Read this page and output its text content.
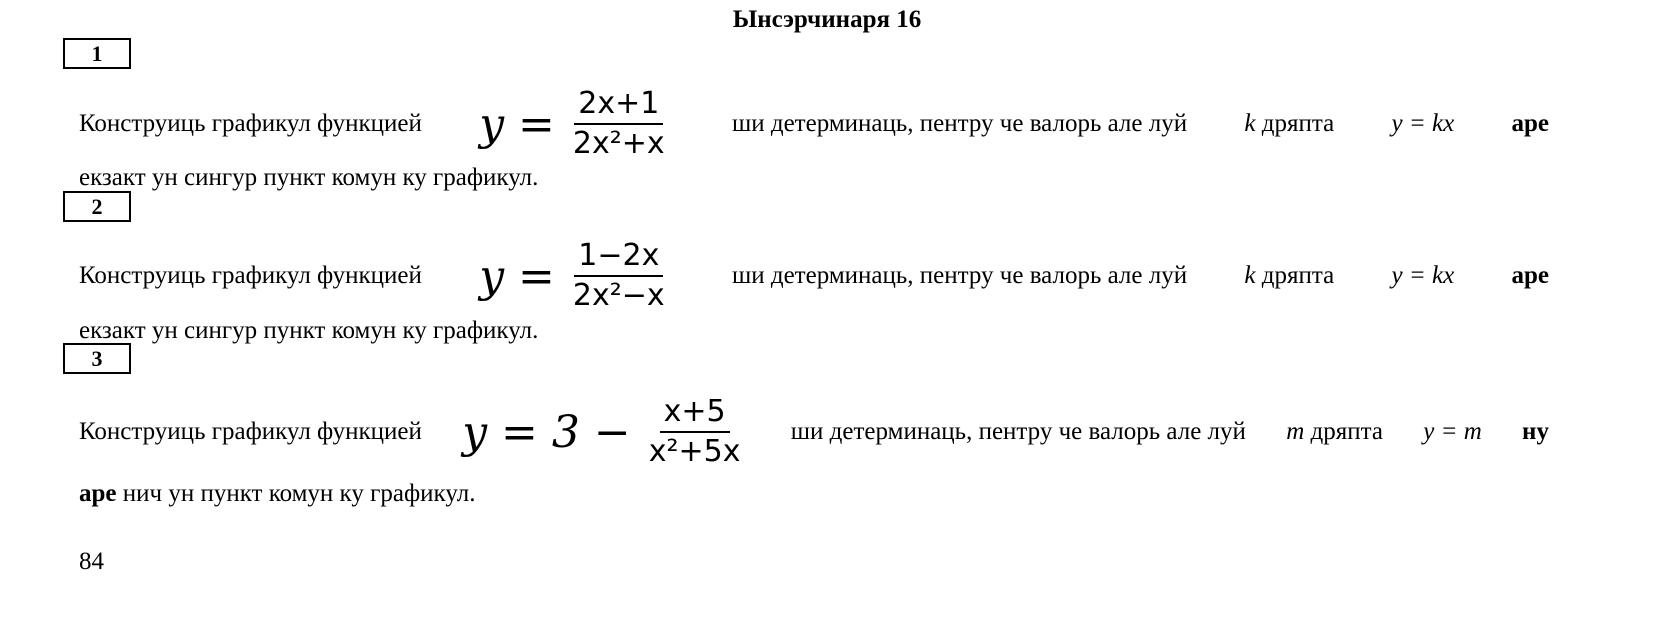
Ынсэрчинаря 16
1
Конструиць графикул функцией $y = \frac{2x+1}{\text{2x²+x}}$	ши детерминаць, пентру че валорь але луй k дряпта y = kx аре
екзакт ун сингур пункт комун ку графикул.
2
Конструиць графикул функцией $y = \frac{1-2x}{\text{2x²−x}}$	ши детерминаць, пентру че валорь але луй k дряпта y = kx аре
екзакт ун сингур пункт комун ку графикул.
3
Конструиць графикул функцией $y = 3 - \frac{x+5}{\text{x²+5x}}$ ши детерминаць, пентру че валорь але луй m дряпта y = m ну
аре нич ун пункт комун ку графикул.
84
